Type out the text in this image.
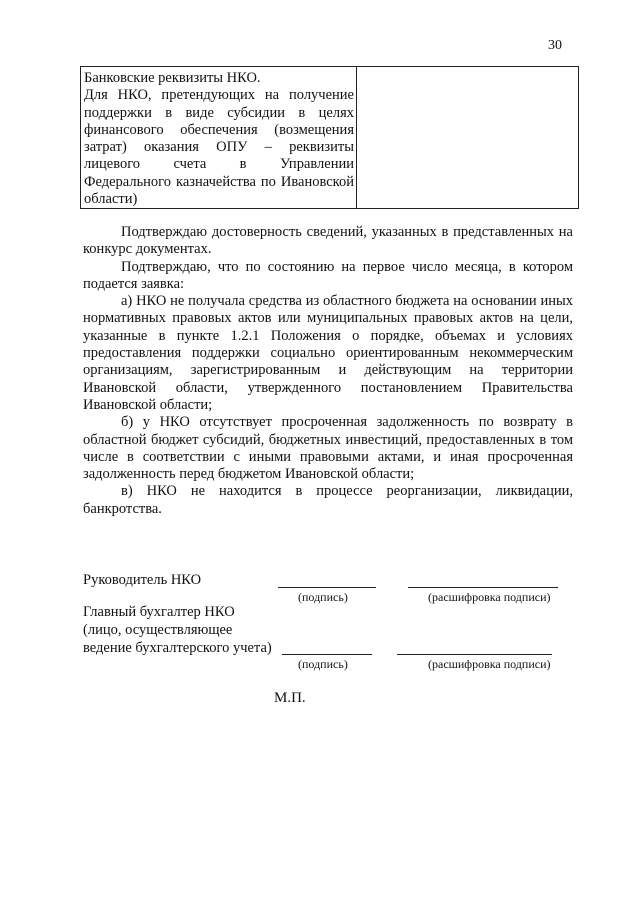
30

Банковские реквизиты НКО.

Для НКО, претендующих на получение поддержки в виде субсидии в целях финансового обеспечения (возмещения затрат) оказания ОПУ – реквизиты лицевого счета в Управлении Федерального казначейства по Ивановской области)

Подтверждаю достоверность сведений, указанных в представленных на конкурс документах.

Подтверждаю, что по состоянию на первое число месяца, в котором подается заявка:

а) НКО не получала средства из областного бюджета на основании иных нормативных правовых актов или муниципальных правовых актов на цели, указанные в пункте 1.2.1 Положения о порядке, объемах и условиях предоставления поддержки социально ориентированным некоммерческим организациям, зарегистрированным и действующим на территории Ивановской области, утвержденного постановлением Правительства Ивановской области;

б) у НКО отсутствует просроченная задолженность по возврату в областной бюджет субсидий, бюджетных инвестиций, предоставленных в том числе в соответствии с иными правовыми актами, и иная просроченная задолженность перед бюджетом Ивановской области;

в) НКО не находится в процессе реорганизации, ликвидации, банкротства.

Руководитель НКО
(подпись)	(расшифровка подписи)
Главный бухгалтер НКО
(лицо, осуществляющее
ведение бухгалтерского учета)
(подпись)	(расшифровка подписи)
М.П.
